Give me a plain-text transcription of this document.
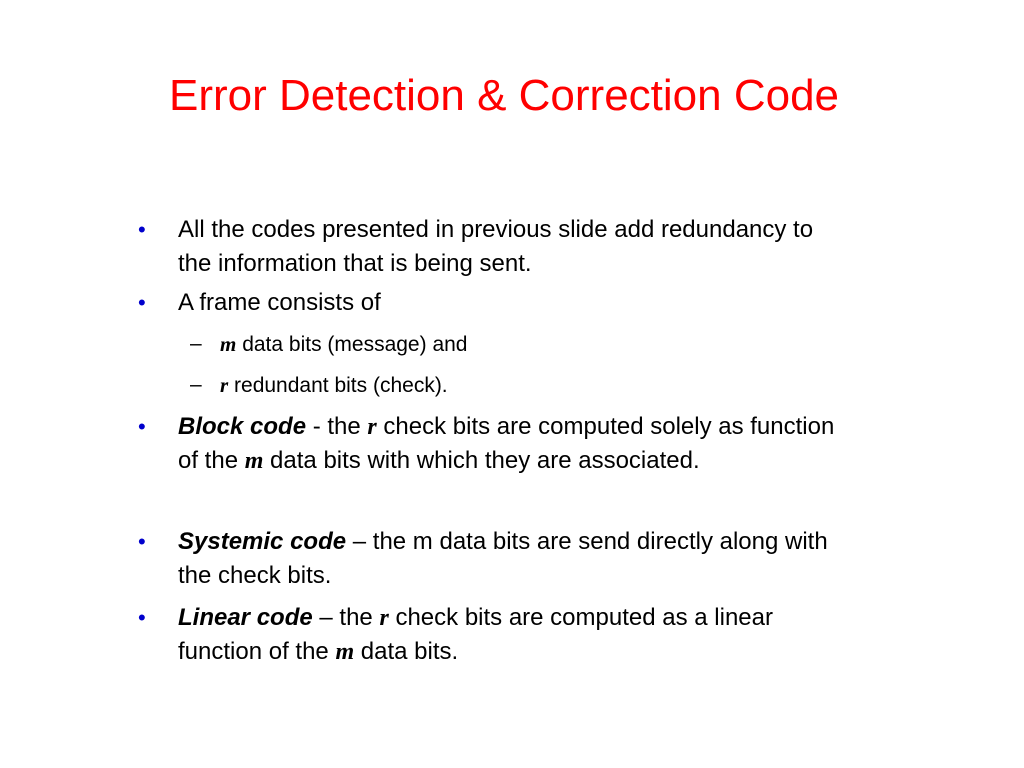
Error Detection & Correction Code
• All the codes presented in previous slide add redundancy to
the information that is being sent.
• A frame consists of
– m data bits (message) and
– r redundant bits (check).
• Block code - the r check bits are computed solely as function
of the m data bits with which they are associated.
• Systemic code – the m data bits are send directly along with
the check bits.
• Linear code – the r check bits are computed as a linear
function of the m data bits.
